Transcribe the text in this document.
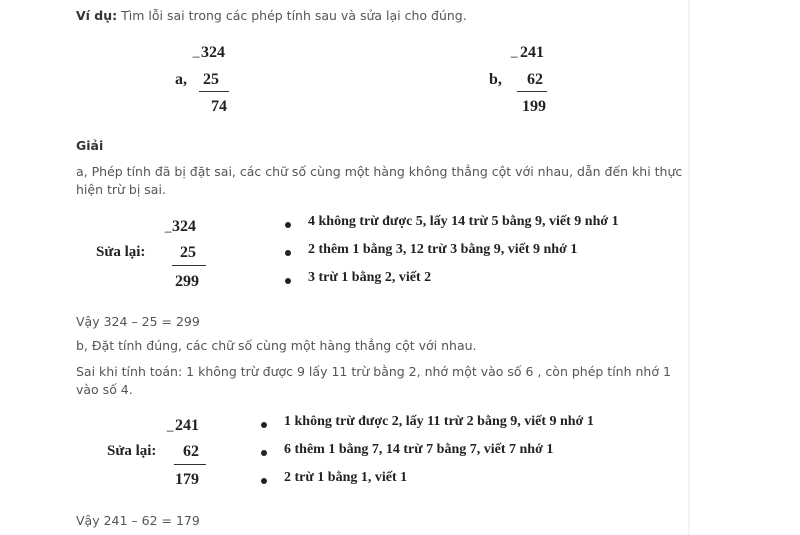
Ví dụ: Tìm lỗi sai trong các phép tính sau và sửa lại cho đúng.
a,
324
−
25
74
b,
241
−
62
199
Giải
a, Phép tính đã bị đặt sai, các chữ số cùng một hàng không thẳng cột với nhau, dẫn đến khi thực
hiện trừ bị sai.
Sửa lại:
324
−
25
299
4 không trừ được 5, lấy 14 trừ 5 bằng 9, viết 9 nhớ 1
2 thêm 1 bằng 3, 12 trừ 3 bằng 9, viết 9 nhớ 1
3 trừ 1 bằng 2, viết 2
Vậy 324 – 25 = 299
b, Đặt tính đúng, các chữ số cùng một hàng thẳng cột với nhau.
Sai khi tính toán: 1 không trừ được 9 lấy 11 trừ bằng 2, nhớ một vào số 6 , còn phép tính nhớ 1
vào số 4.
Sửa lại:
241
−
62
179
1 không trừ được 2, lấy 11 trừ 2 bằng 9, viết 9 nhớ 1
6 thêm 1 bằng 7, 14 trừ 7 bằng 7, viết 7 nhớ 1
2 trừ 1 bằng 1, viết 1
Vậy 241 – 62 = 179
